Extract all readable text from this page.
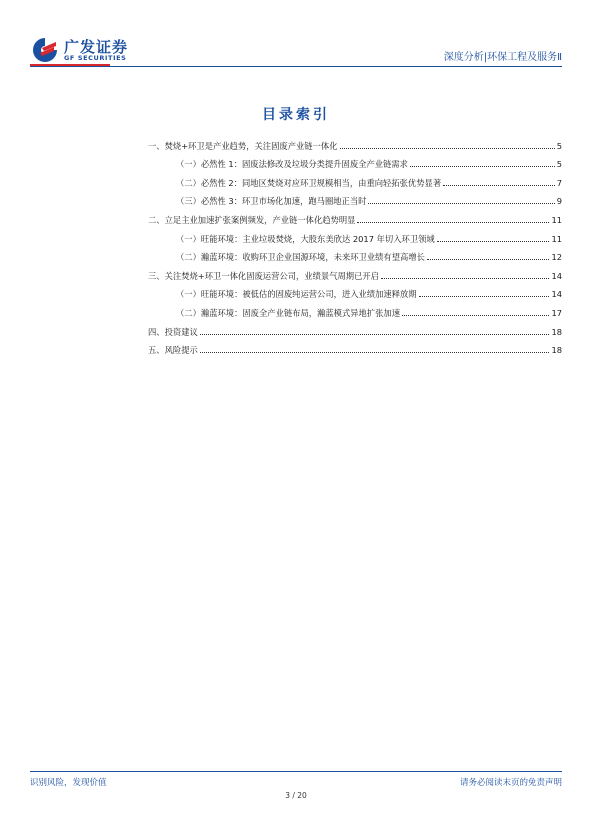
广发证券
GF SECURITIES	深度分析|环保工程及服务Ⅱ
目录索引
一、焚烧+环卫是产业趋势，关注固废产业链一体化	5
（一）必然性 1：固废法修改及垃圾分类提升固废全产业链需求	5
（二）必然性 2：同地区焚烧对应环卫规模相当，由重向轻拓张优势显著	7
（三）必然性 3：环卫市场化加速，跑马圈地正当时	9
二、立足主业加速扩张案例频发，产业链一体化趋势明显	11
（一）旺能环境：主业垃圾焚烧，大股东美欣达 2017 年切入环卫领域	11
（二）瀚蓝环境：收购环卫企业国源环境，未来环卫业绩有望高增长	12
三、关注焚烧+环卫一体化固废运营公司，业绩景气周期已开启	14
（一）旺能环境：被低估的固废纯运营公司，进入业绩加速释放期	14
（二）瀚蓝环境：固废全产业链布局，瀚蓝模式异地扩张加速	17
四、投资建议	18
五、风险提示	18
识别风险，发现价值	请务必阅读末页的免责声明
3 / 20
